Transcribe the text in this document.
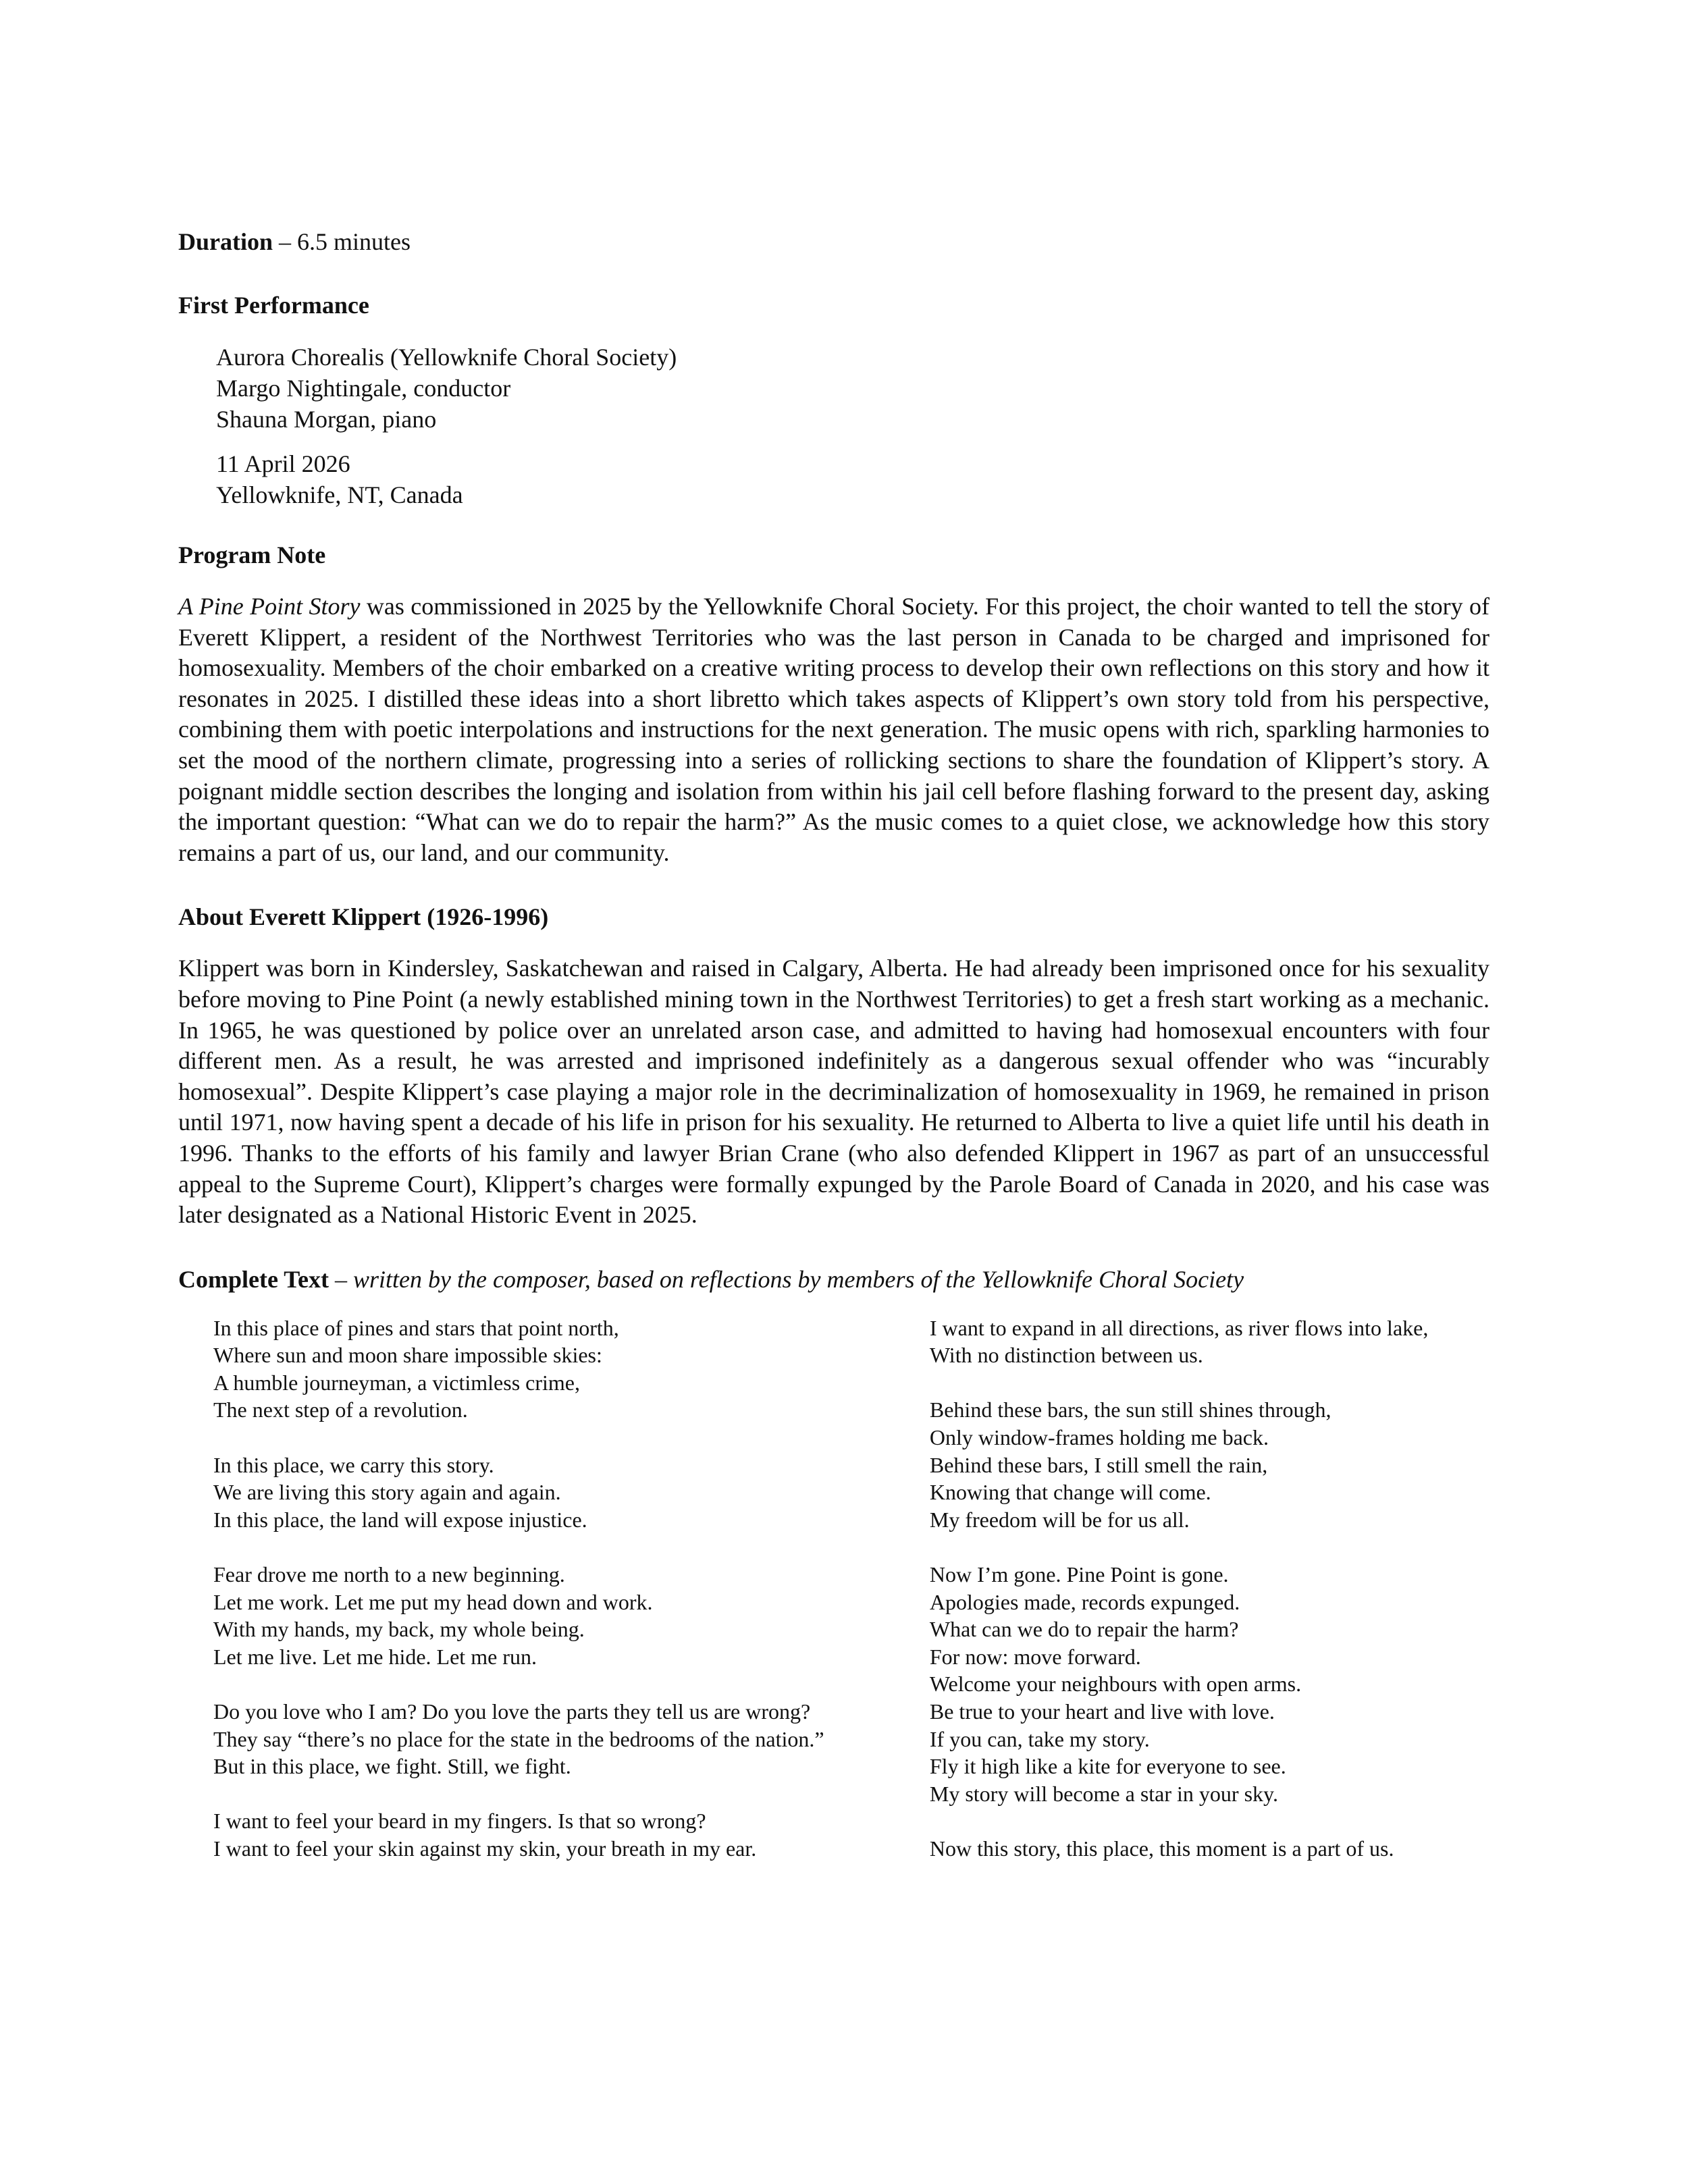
Duration – 6.5 minutes

First Performance

Aurora Chorealis (Yellowknife Choral Society)
Margo Nightingale, conductor
Shauna Morgan, piano
11 April 2026
Yellowknife, NT, Canada

Program Note

A Pine Point Story was commissioned in 2025 by the Yellowknife Choral Society. For this project, the choir wanted to tell the story of Everett Klippert, a resident of the Northwest Territories who was the last person in Canada to be charged and imprisoned for homosexuality. Members of the choir embarked on a creative writing process to develop their own reflections on this story and how it resonates in 2025. I distilled these ideas into a short libretto which takes aspects of Klippert’s own story told from his perspective, combining them with poetic interpolations and instructions for the next generation. The music opens with rich, sparkling harmonies to set the mood of the northern climate, progressing into a series of rollicking sections to share the foundation of Klippert’s story. A poignant middle section describes the longing and isolation from within his jail cell before flashing forward to the present day, asking the important question: “What can we do to repair the harm?” As the music comes to a quiet close, we acknowledge how this story remains a part of us, our land, and our community.

About Everett Klippert (1926-1996)

Klippert was born in Kindersley, Saskatchewan and raised in Calgary, Alberta. He had already been imprisoned once for his sexuality before moving to Pine Point (a newly established mining town in the Northwest Territories) to get a fresh start working as a mechanic. In 1965, he was questioned by police over an unrelated arson case, and admitted to having had homosexual encounters with four different men. As a result, he was arrested and imprisoned indefinitely as a dangerous sexual offender who was “incurably homosexual”. Despite Klippert’s case playing a major role in the decriminalization of homosexuality in 1969, he remained in prison until 1971, now having spent a decade of his life in prison for his sexuality. He returned to Alberta to live a quiet life until his death in 1996. Thanks to the efforts of his family and lawyer Brian Crane (who also defended Klippert in 1967 as part of an unsuccessful appeal to the Supreme Court), Klippert’s charges were formally expunged by the Parole Board of Canada in 2020, and his case was later designated as a National Historic Event in 2025.

Complete Text – written by the composer, based on reflections by members of the Yellowknife Choral Society

In this place of pines and stars that point north,
Where sun and moon share impossible skies:
A humble journeyman, a victimless crime,
The next step of a revolution.
In this place, we carry this story.
We are living this story again and again.
In this place, the land will expose injustice.
Fear drove me north to a new beginning.
Let me work. Let me put my head down and work.
With my hands, my back, my whole being.
Let me live. Let me hide. Let me run.
Do you love who I am? Do you love the parts they tell us are wrong?
They say “there’s no place for the state in the bedrooms of the nation.”
But in this place, we fight. Still, we fight.
I want to feel your beard in my fingers. Is that so wrong?
I want to feel your skin against my skin, your breath in my ear.
I want to expand in all directions, as river flows into lake,
With no distinction between us.
Behind these bars, the sun still shines through,
Only window-frames holding me back.
Behind these bars, I still smell the rain,
Knowing that change will come.
My freedom will be for us all.
Now I’m gone. Pine Point is gone.
Apologies made, records expunged.
What can we do to repair the harm?
For now: move forward.
Welcome your neighbours with open arms.
Be true to your heart and live with love.
If you can, take my story.
Fly it high like a kite for everyone to see.
My story will become a star in your sky.
Now this story, this place, this moment is a part of us.
